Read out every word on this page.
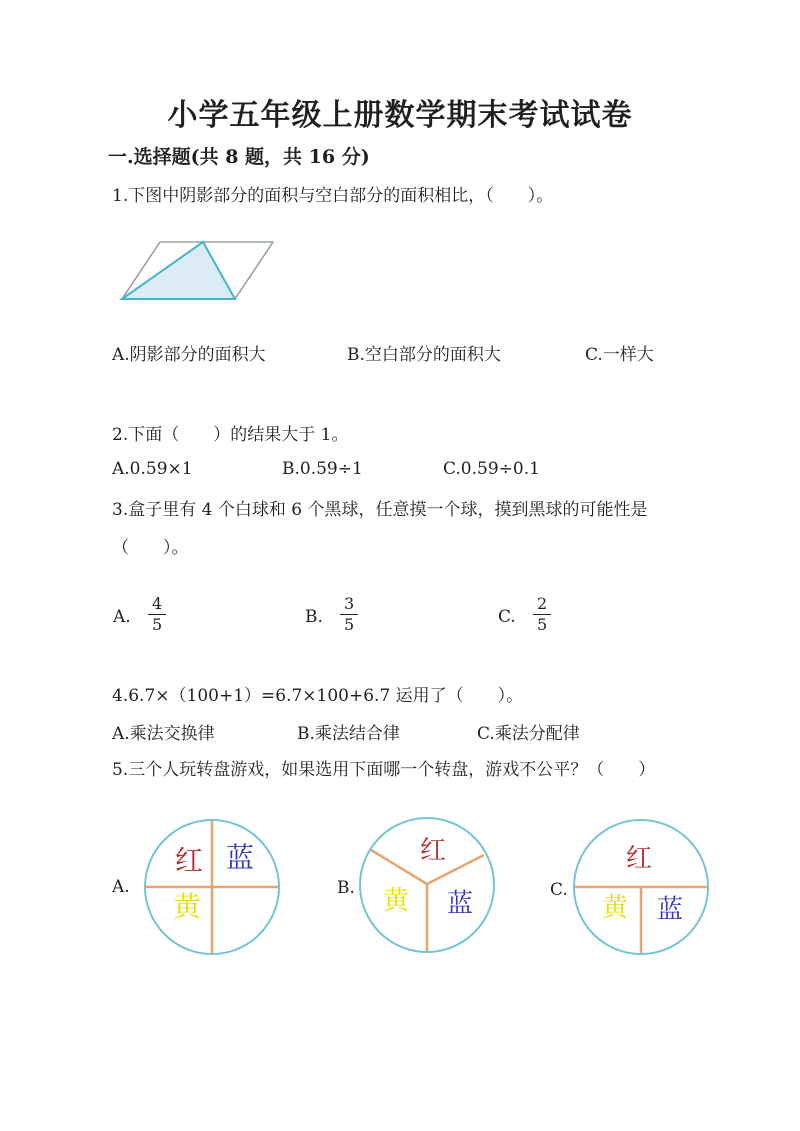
小学五年级上册数学期末考试试卷
一.选择题(共 8 题，共 16 分)
1.下图中阴影部分的面积与空白部分的面积相比，（　　）。
A.阴影部分的面积大	B.空白部分的面积大	C.一样大
2.下面（　　）的结果大于 1。
A.0.59×1	B.0.59÷1	C.0.59÷0.1
3.盒子里有 4 个白球和 6 个黑球，任意摸一个球，摸到黑球的可能性是
（　　）。
A. $\frac{4}{5}$	B. $\frac{3}{5}$	C. $\frac{2}{5}$
4.6.7×（100+1）=6.7×100+6.7 运用了（　　）。
A.乘法交换律	B.乘法结合律	C.乘法分配律
5.三个人玩转盘游戏，如果选用下面哪一个转盘，游戏不公平？（　　）
A.
红 蓝
黄
B.
红
黄 蓝	C.
红
黄 蓝
